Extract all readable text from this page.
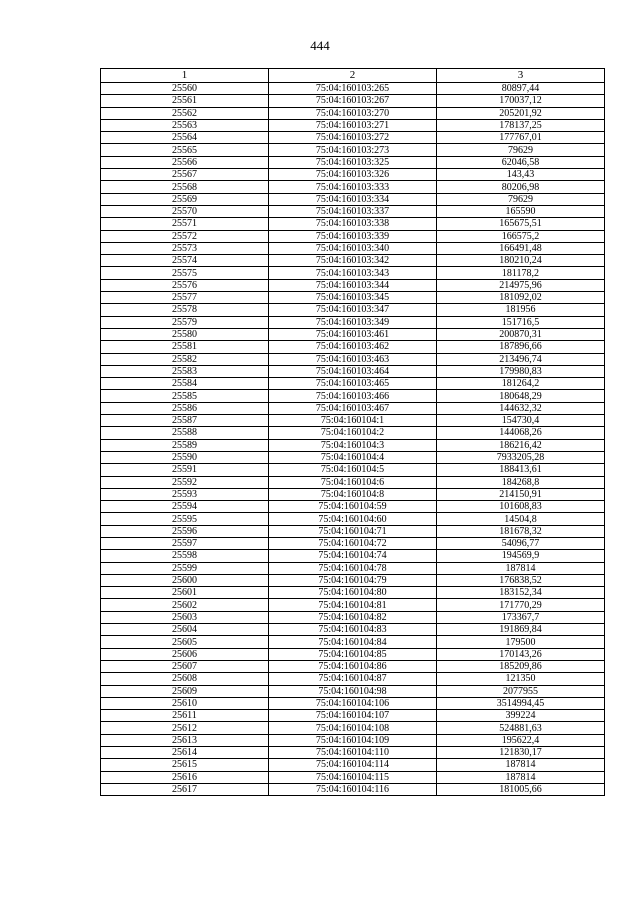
444
1	2	3
25560	75:04:160103:265	80897,44
25561	75:04:160103:267	170037,12
25562	75:04:160103:270	205201,92
25563	75:04:160103:271	178137,25
25564	75:04:160103:272	177767,01
25565	75:04:160103:273	79629
25566	75:04:160103:325	62046,58
25567	75:04:160103:326	143,43
25568	75:04:160103:333	80206,98
25569	75:04:160103:334	79629
25570	75:04:160103:337	165590
25571	75:04:160103:338	165675,51
25572	75:04:160103:339	166575,2
25573	75:04:160103:340	166491,48
25574	75:04:160103:342	180210,24
25575	75:04:160103:343	181178,2
25576	75:04:160103:344	214975,96
25577	75:04:160103:345	181092,02
25578	75:04:160103:347	181956
25579	75:04:160103:349	151716,5
25580	75:04:160103:461	200870,31
25581	75:04:160103:462	187896,66
25582	75:04:160103:463	213496,74
25583	75:04:160103:464	179980,83
25584	75:04:160103:465	181264,2
25585	75:04:160103:466	180648,29
25586	75:04:160103:467	144632,32
25587	75:04:160104:1	154730,4
25588	75:04:160104:2	144068,26
25589	75:04:160104:3	186216,42
25590	75:04:160104:4	7933205,28
25591	75:04:160104:5	188413,61
25592	75:04:160104:6	184268,8
25593	75:04:160104:8	214150,91
25594	75:04:160104:59	101608,83
25595	75:04:160104:60	14504,8
25596	75:04:160104:71	181678,32
25597	75:04:160104:72	54096,77
25598	75:04:160104:74	194569,9
25599	75:04:160104:78	187814
25600	75:04:160104:79	176838,52
25601	75:04:160104:80	183152,34
25602	75:04:160104:81	171770,29
25603	75:04:160104:82	173367,7
25604	75:04:160104:83	191869,84
25605	75:04:160104:84	179500
25606	75:04:160104:85	170143,26
25607	75:04:160104:86	185209,86
25608	75:04:160104:87	121350
25609	75:04:160104:98	2077955
25610	75:04:160104:106	3514994,45
25611	75:04:160104:107	399224
25612	75:04:160104:108	524881,63
25613	75:04:160104:109	195622,4
25614	75:04:160104:110	121830,17
25615	75:04:160104:114	187814
25616	75:04:160104:115	187814
25617	75:04:160104:116	181005,66
